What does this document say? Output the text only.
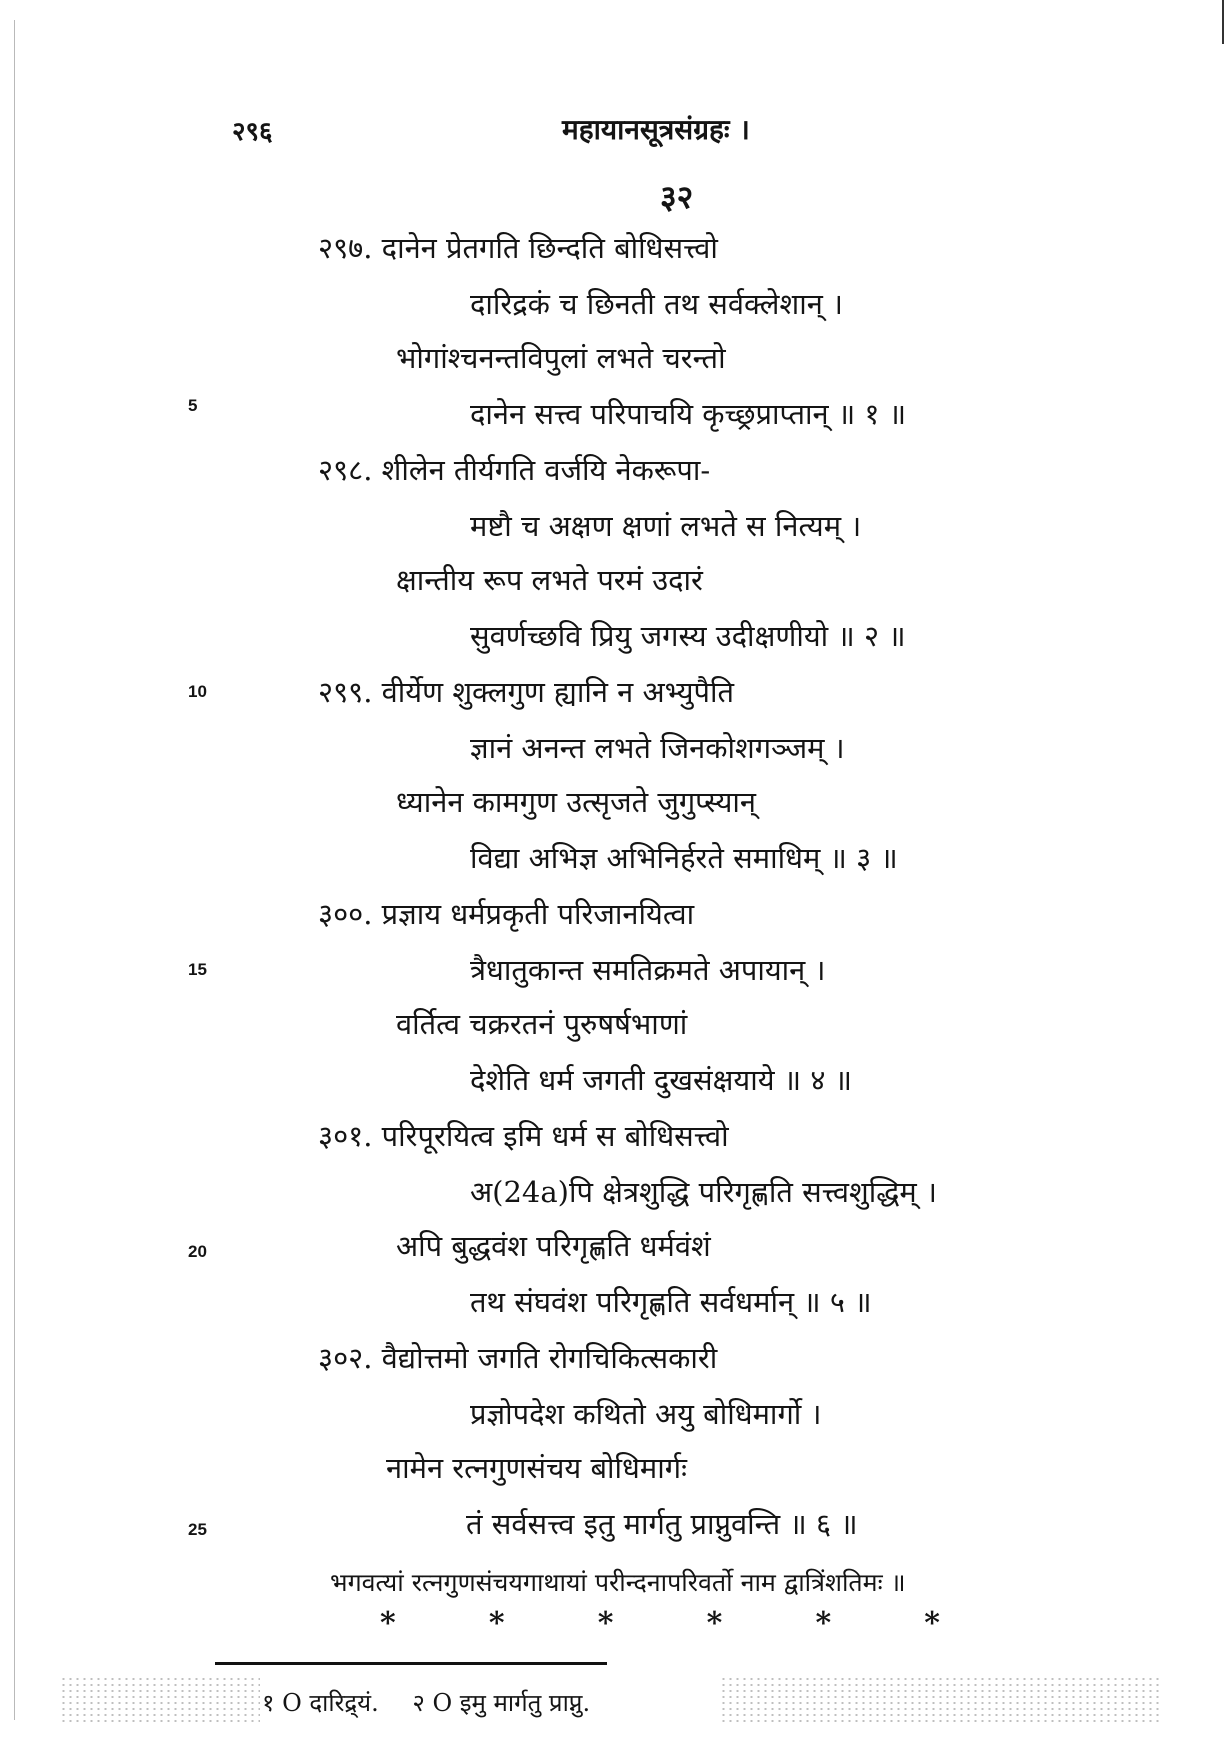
२९६	महायानसूत्रसंग्रहः ।
३२
5
10
15
20
25
२९७. दानेन प्रेतगति छिन्दति बोधिसत्त्वो
दारिद्रकं च छिनती तथ सर्वक्लेशान् ।
भोगांश्चनन्तविपुलां लभते चरन्तो
दानेन सत्त्व परिपाचयि कृच्छ्रप्राप्तान् ॥ १ ॥
२९८. शीलेन तीर्यगति वर्जयि नेकरूपा-
मष्टौ च अक्षण क्षणां लभते स नित्यम् ।
क्षान्तीय रूप लभते परमं उदारं
सुवर्णच्छवि प्रियु जगस्य उदीक्षणीयो ॥ २ ॥
२९९. वीर्येण शुक्लगुण ह्यानि न अभ्युपैति
ज्ञानं अनन्त लभते जिनकोशगञ्जम् ।
ध्यानेन कामगुण उत्सृजते जुगुप्स्यान्
विद्या अभिज्ञ अभिनिर्हरते समाधिम् ॥ ३ ॥
३००. प्रज्ञाय धर्मप्रकृती परिजानयित्वा
त्रैधातुकान्त समतिक्रमते अपायान् ।
वर्तित्व चक्ररतनं पुरुषर्षभाणां
देशेति धर्म जगती दुखसंक्षयाये ॥ ४ ॥
३०१. परिपूरयित्व इमि धर्म स बोधिसत्त्वो
अ(24a)पि क्षेत्रशुद्धि परिगृह्णति सत्त्वशुद्धिम् ।
अपि बुद्धवंश परिगृह्णति धर्मवंशं
तथ संघवंश परिगृह्णति सर्वधर्मान् ॥ ५ ॥
३०२. वैद्योत्तमो जगति रोगचिकित्सकारी
प्रज्ञोपदेश कथितो अयु बोधिमार्गो ।
नामेन रत्नगुणसंचय बोधिमार्गः
तं सर्वसत्त्व इतु मार्गतु प्राप्नुवन्ति ॥ ६ ॥
भगवत्यां रत्नगुणसंचयगाथायां परीन्दनापरिवर्तो नाम द्वात्रिंशतिमः ॥
*	*	*	*	*	*
१ O दारिद्र्यं. २ O इमु मार्गतु प्राप्नु.
